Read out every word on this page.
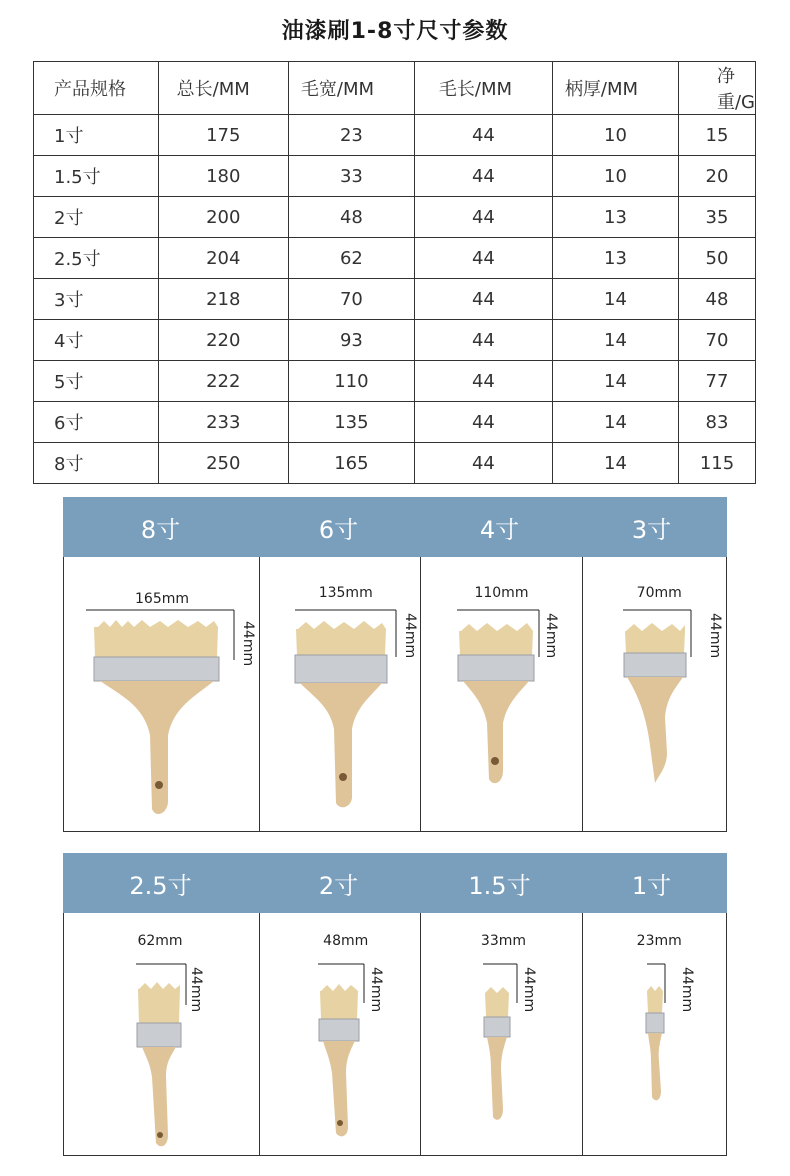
油漆刷1-8寸尺寸参数
产品规格	总长/MM	毛宽/MM	毛长/MM	柄厚/MM	净重/G
1寸	175	23	44	10	15
1.5寸	180	33	44	10	20
2寸	200	48	44	13	35
2.5寸	204	62	44	13	50
3寸	218	70	44	14	48
4寸	220	93	44	14	70
5寸	222	110	44	14	77
6寸	233	135	44	14	83
8寸	250	165	44	14	115
8寸	6寸	4寸	3寸
165mm
44mm
135mm
44mm
110mm
44mm
70mm
44mm
2.5寸	2寸	1.5寸	1寸
62mm
44mm
48mm
44mm
33mm
44mm
23mm
44mm
